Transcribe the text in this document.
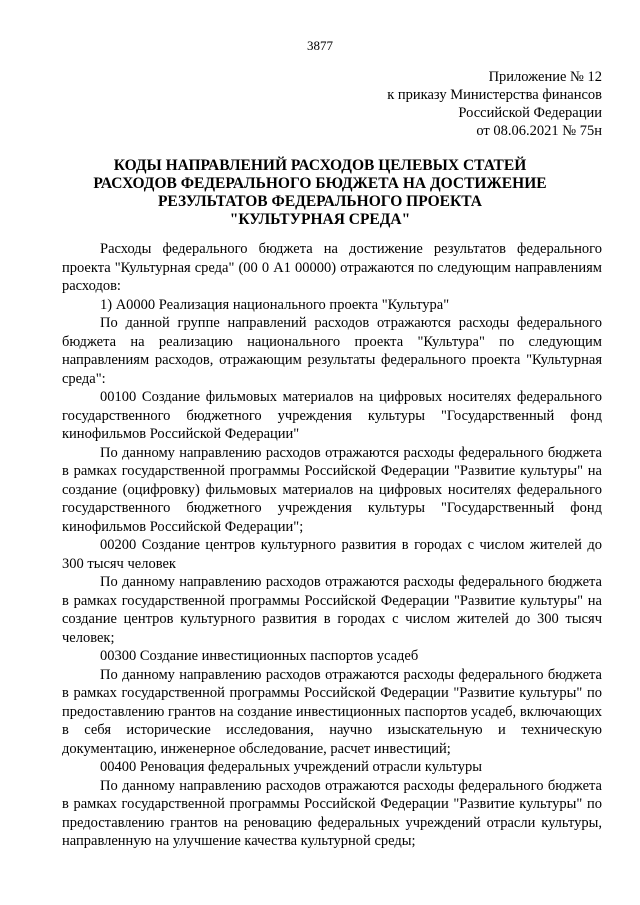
3877
Приложение № 12
к приказу Министерства финансов
Российской Федерации
от 08.06.2021 № 75н
КОДЫ НАПРАВЛЕНИЙ РАСХОДОВ ЦЕЛЕВЫХ СТАТЕЙ
РАСХОДОВ ФЕДЕРАЛЬНОГО БЮДЖЕТА НА ДОСТИЖЕНИЕ
РЕЗУЛЬТАТОВ ФЕДЕРАЛЬНОГО ПРОЕКТА
"КУЛЬТУРНАЯ СРЕДА"

Расходы федерального бюджета на достижение результатов федерального проекта "Культурная среда" (00 0 А1 00000) отражаются по следующим направлениям расходов:

1) А0000 Реализация национального проекта "Культура"

По данной группе направлений расходов отражаются расходы федерального бюджета на реализацию национального проекта "Культура" по следующим направлениям расходов, отражающим результаты федерального проекта "Культурная среда":

00100 Создание фильмовых материалов на цифровых носителях федерального государственного бюджетного учреждения культуры "Государственный фонд кинофильмов Российской Федерации"

По данному направлению расходов отражаются расходы федерального бюджета в рамках государственной программы Российской Федерации "Развитие культуры" на создание (оцифровку) фильмовых материалов на цифровых носителях федерального государственного бюджетного учреждения культуры "Государственный фонд кинофильмов Российской Федерации";

00200 Создание центров культурного развития в городах с числом жителей до 300 тысяч человек

По данному направлению расходов отражаются расходы федерального бюджета в рамках государственной программы Российской Федерации "Развитие культуры" на создание центров культурного развития в городах с числом жителей до 300 тысяч человек;

00300 Создание инвестиционных паспортов усадеб

По данному направлению расходов отражаются расходы федерального бюджета в рамках государственной программы Российской Федерации "Развитие культуры" по предоставлению грантов на создание инвестиционных паспортов усадеб, включающих в себя исторические исследования, научно изыскательную и техническую документацию, инженерное обследование, расчет инвестиций;

00400 Реновация федеральных учреждений отрасли культуры

По данному направлению расходов отражаются расходы федерального бюджета в рамках государственной программы Российской Федерации "Развитие культуры" по предоставлению грантов на реновацию федеральных учреждений отрасли культуры, направленную на улучшение качества культурной среды;
